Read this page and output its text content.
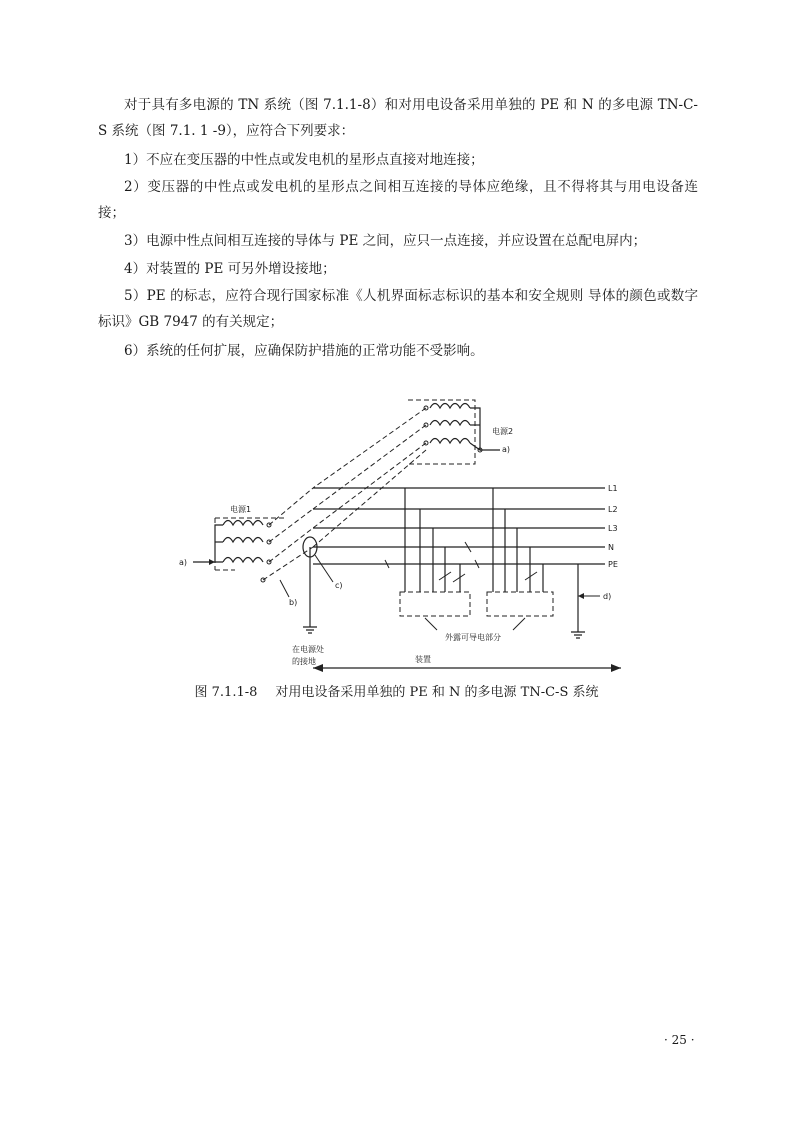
对于具有多电源的 TN 系统（图 7.1.1-8）和对用电设备采用单独的 PE 和 N 的多电源 TN-C-S 系统（图 7.1. 1 -9），应符合下列要求：

1）不应在变压器的中性点或发电机的星形点直接对地连接；

2）变压器的中性点或发电机的星形点之间相互连接的导体应绝缘，且不得将其与用电设备连接；

3）电源中性点间相互连接的导体与 PE 之间，应只一点连接，并应设置在总配电屏内；

4）对装置的 PE 可另外增设接地；

5）PE 的标志，应符合现行国家标准《人机界面标志标识的基本和安全规则 导体的颜色或数字标识》GB 7947 的有关规定；

6）系统的任何扩展，应确保防护措施的正常功能不受影响。

电源2
a)
电源1
a)
L1
L2
L3
N
PE
c)
b)
在电源处
的接地
外露可导电部分
d)
装置
图 7.1.1-8 对用电设备采用单独的 PE 和 N 的多电源 TN-C-S 系统
· 25 ·
